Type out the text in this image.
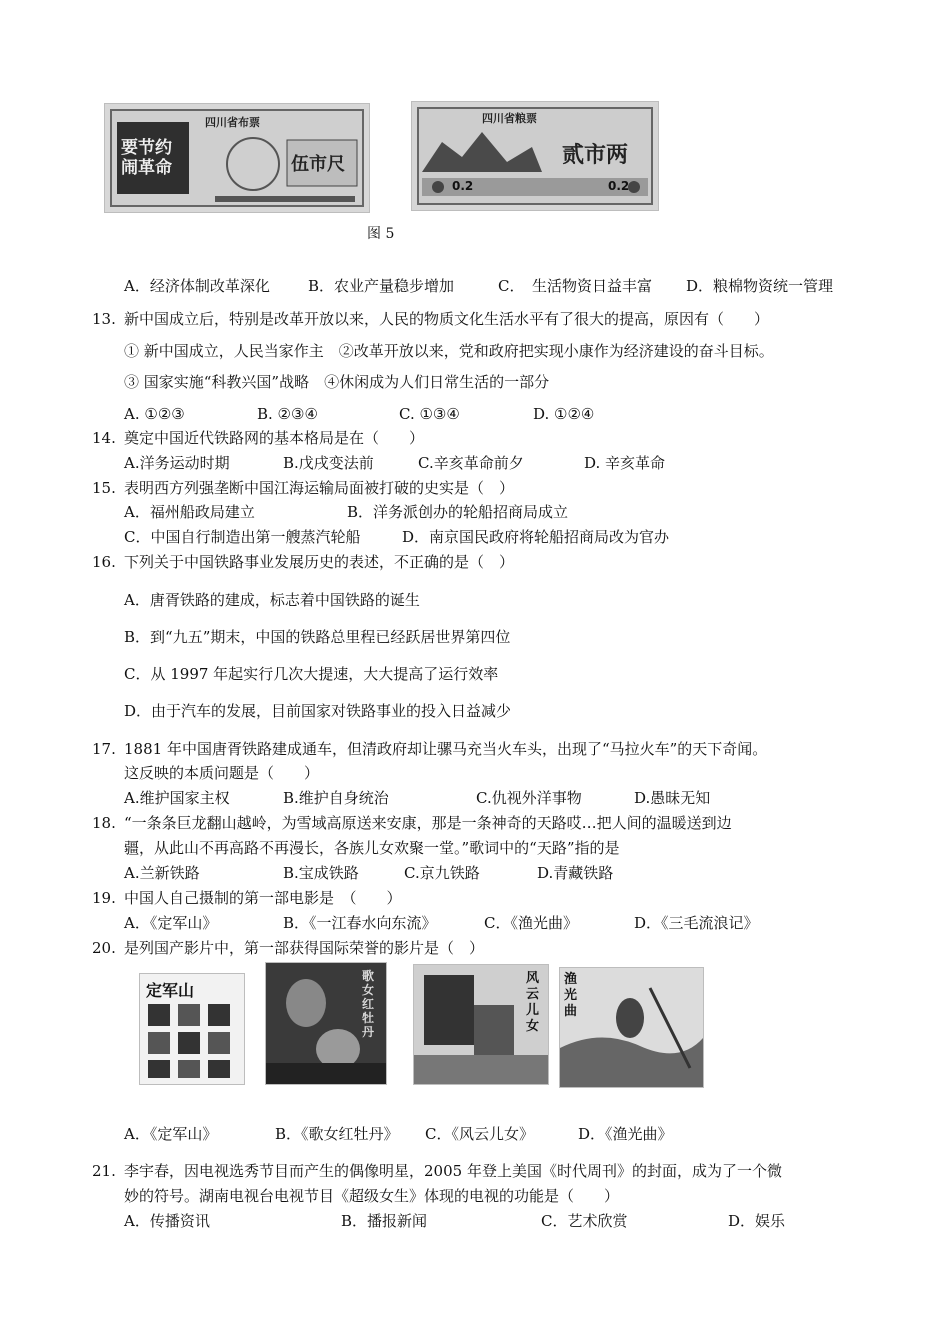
四川省布票
要节约闹革命	伍市尺
四川省粮票
贰市两
0.2	0.2
图 5
A．经济体制改革深化	B．农业产量稳步增加	C．　生活物资日益丰富 D．粮棉物资统一管理
13. 新中国成立后，特别是改革开放以来，人民的物质文化生活水平有了很大的提高，原因有（　　）
① 新中国成立，人民当家作主　②改革开放以来，党和政府把实现小康作为经济建设的奋斗目标。
③ 国家实施“科教兴国”战略　④休闲成为人们日常生活的一部分
A. ①②③	B. ②③④	C. ①③④	D. ①②④
14. 奠定中国近代铁路网的基本格局是在（　　）
A.洋务运动时期	B.戊戌变法前	C.辛亥革命前夕	D. 辛亥革命
15. 表明西方列强垄断中国江海运输局面被打破的史实是（　）
A．福州船政局建立	B．洋务派创办的轮船招商局成立
C．中国自行制造出第一艘蒸汽轮船	D．南京国民政府将轮船招商局改为官办
16. 下列关于中国铁路事业发展历史的表述，不正确的是（　）
A．唐胥铁路的建成，标志着中国铁路的诞生
B．到“九五”期末，中国的铁路总里程已经跃居世界第四位
C．从 1997 年起实行几次大提速，大大提高了运行效率
D．由于汽车的发展，目前国家对铁路事业的投入日益减少
17. 1881 年中国唐胥铁路建成通车，但清政府却让骡马充当火车头，出现了“马拉火车”的天下奇闻。
这反映的本质问题是（　　）
A.维护国家主权	B.维护自身统治	C.仇视外洋事物	D.愚昧无知
18. “一条条巨龙翻山越岭，为雪域高原送来安康，那是一条神奇的天路哎…把人间的温暖送到边
疆，从此山不再高路不再漫长，各族儿女欢聚一堂。”歌词中的“天路”指的是
A.兰新铁路	B.宝成铁路	C.京九铁路	D.青藏铁路
19. 中国人自己摄制的第一部电影是　（　　）
A．《定军山》	B．《一江春水向东流》	C．《渔光曲》	D．《三毛流浪记》
20. 是列国产影片中，第一部获得国际荣誉的影片是（　）
定军山
歌女红牡丹
风云儿女
渔光曲
A．《定军山》	B．《歌女红牡丹》 C．《风云儿女》	D．《渔光曲》
21. 李宇春，因电视选秀节目而产生的偶像明星，2005 年登上美国《时代周刊》的封面，成为了一个微
妙的符号。湖南电视台电视节目《超级女生》体现的电视的功能是（　　）
A．传播资讯	B．播报新闻	C．艺术欣赏	D．娱乐
